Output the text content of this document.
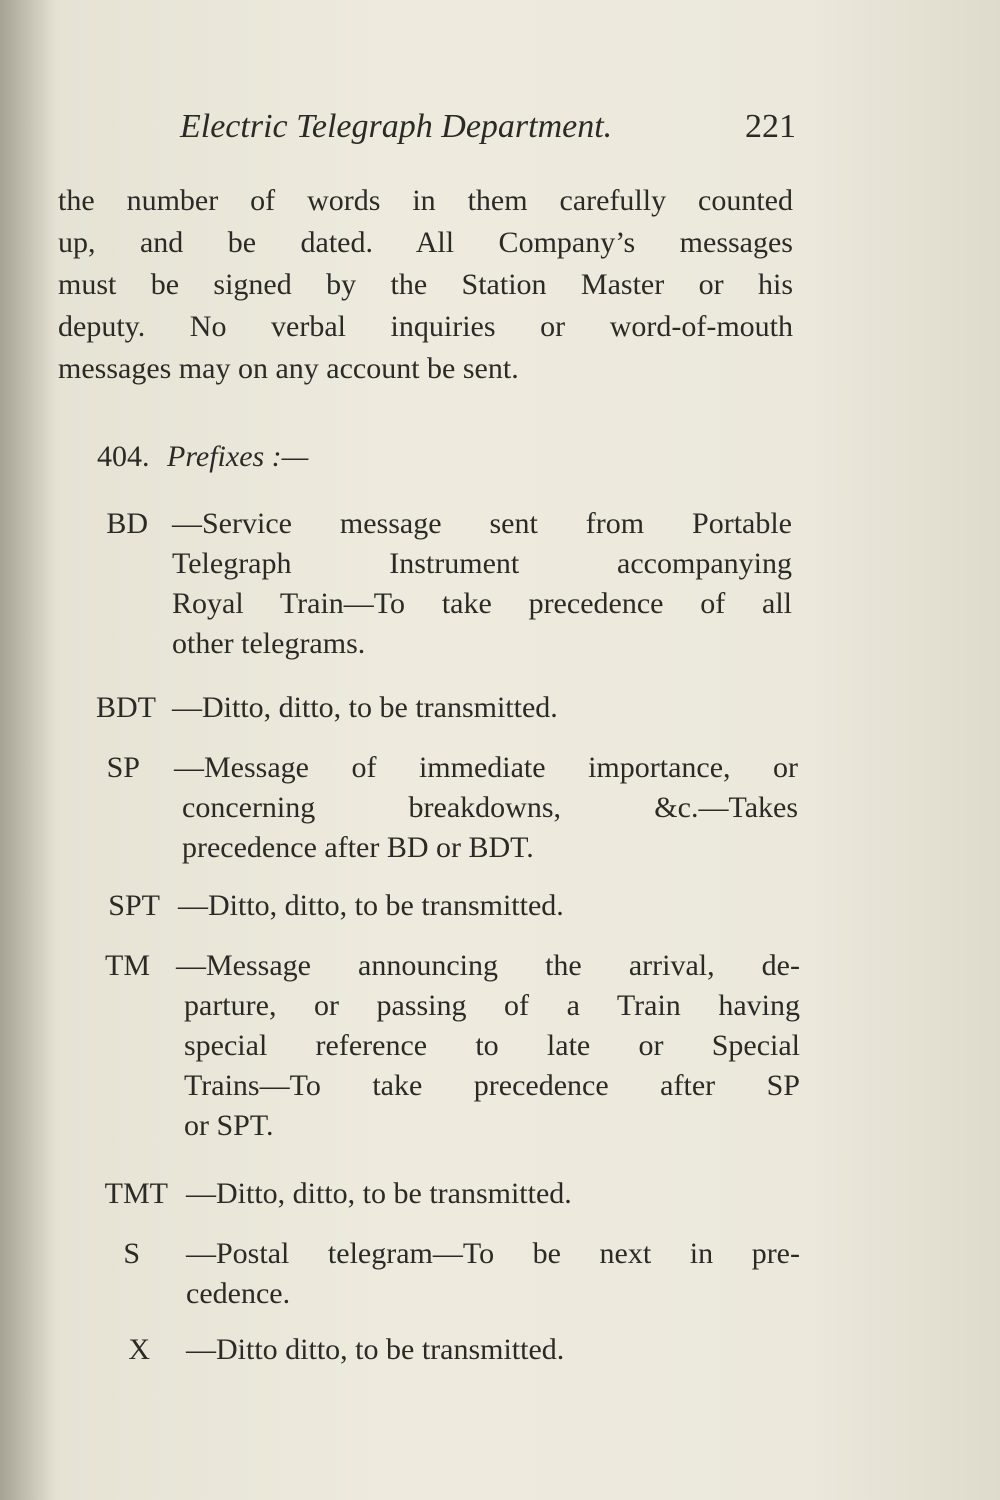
Electric Telegraph Department.	221
the number of words in them carefully counted
up, and be dated. All Company’s messages
must be signed by the Station Master or his
deputy. No verbal inquiries or word-of-mouth
messages may on any account be sent.
404. Prefixes :—
BD —Service message sent from Portable
Telegraph Instrument accompanying
Royal Train—To take precedence of all
other telegrams.
BDT —Ditto, ditto, to be transmitted.
SP —Message of immediate importance, or
concerning breakdowns, &c.—Takes
precedence after BD or BDT.
SPT —Ditto, ditto, to be transmitted.
TM —Message announcing the arrival, de-
parture, or passing of a Train having
special reference to late or Special
Trains—To take precedence after SP
or SPT.
TMT —Ditto, ditto, to be transmitted.
S —Postal telegram—To be next in pre-
cedence.
X —Ditto ditto, to be transmitted.
